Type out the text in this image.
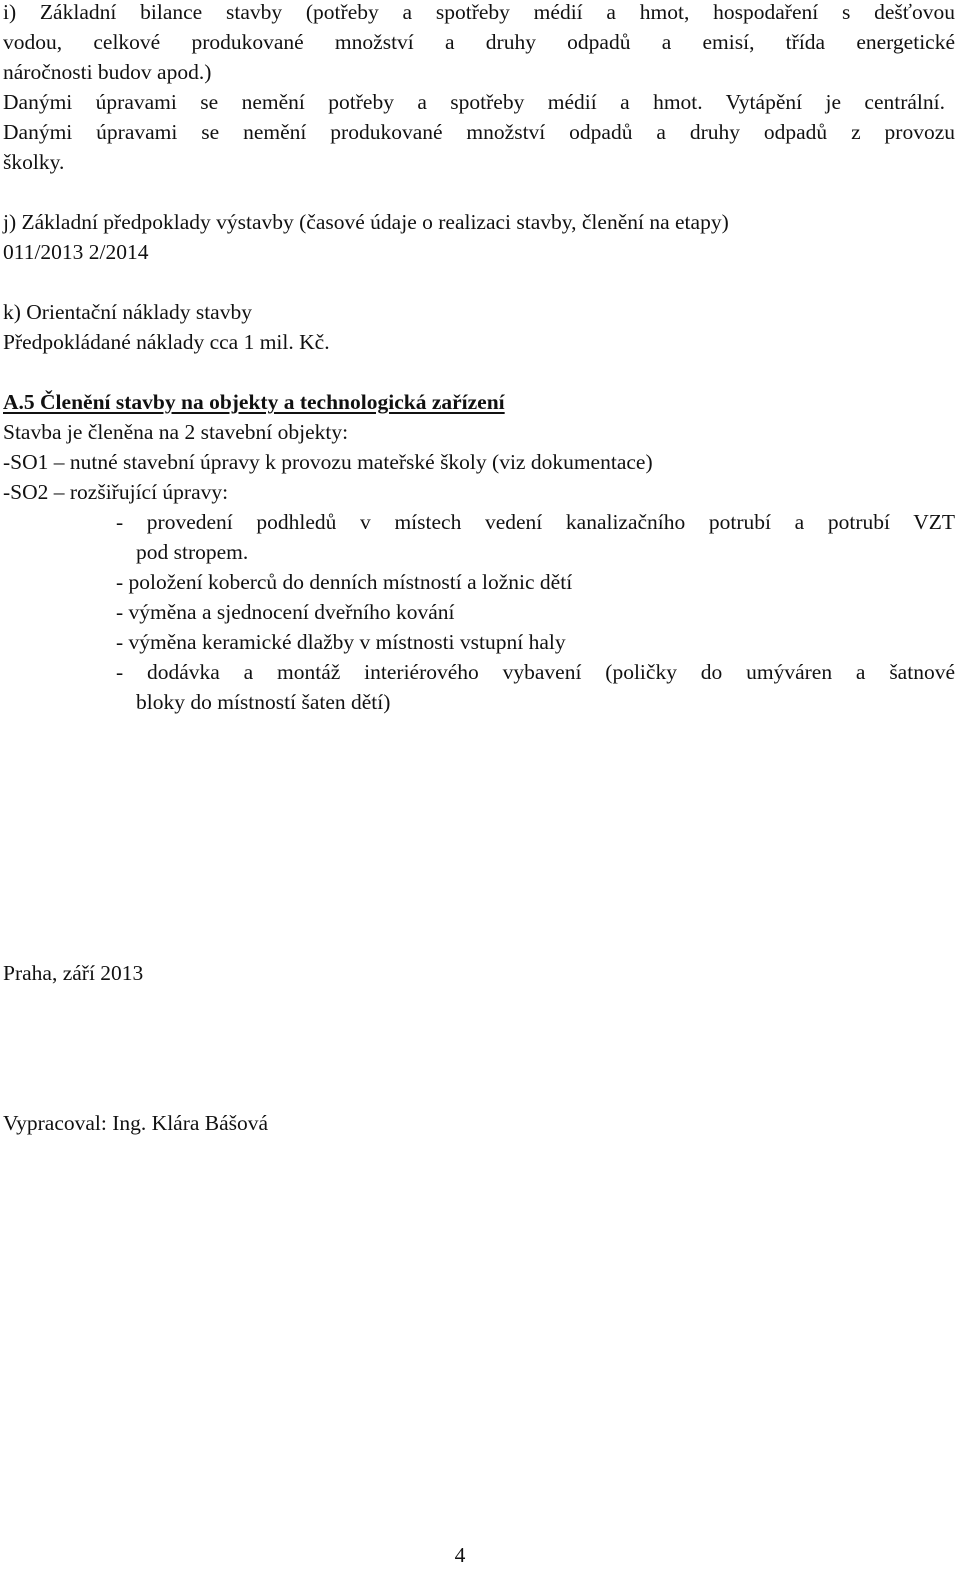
i) Základní bilance stavby (potřeby a spotřeby médií a hmot, hospodaření s dešťovou
vodou, celkové produkované množství a druhy odpadů a emisí, třída energetické
náročnosti budov apod.)
Danými úpravami se nemění potřeby a spotřeby médií a hmot. Vytápění je centrální.
Danými úpravami se nemění produkované množství odpadů a druhy odpadů z provozu
školky.
j) Základní předpoklady výstavby (časové údaje o realizaci stavby, členění na etapy)
011/2013 2/2014
k) Orientační náklady stavby
Předpokládané náklady cca 1 mil. Kč.
A.5 Členění stavby na objekty a technologická zařízení
Stavba je členěna na 2 stavební objekty:
-SO1 – nutné stavební úpravy k provozu mateřské školy (viz dokumentace)
-SO2 – rozšiřující úpravy:
- provedení podhledů v místech vedení kanalizačního potrubí a potrubí VZT
pod stropem.
- položení koberců do denních místností a ložnic dětí
- výměna a sjednocení dveřního kování
- výměna keramické dlažby v místnosti vstupní haly
- dodávka a montáž interiérového vybavení (poličky do umýváren a šatnové
bloky do místností šaten dětí)
Praha, září 2013
Vypracoval: Ing. Klára Bášová
4
